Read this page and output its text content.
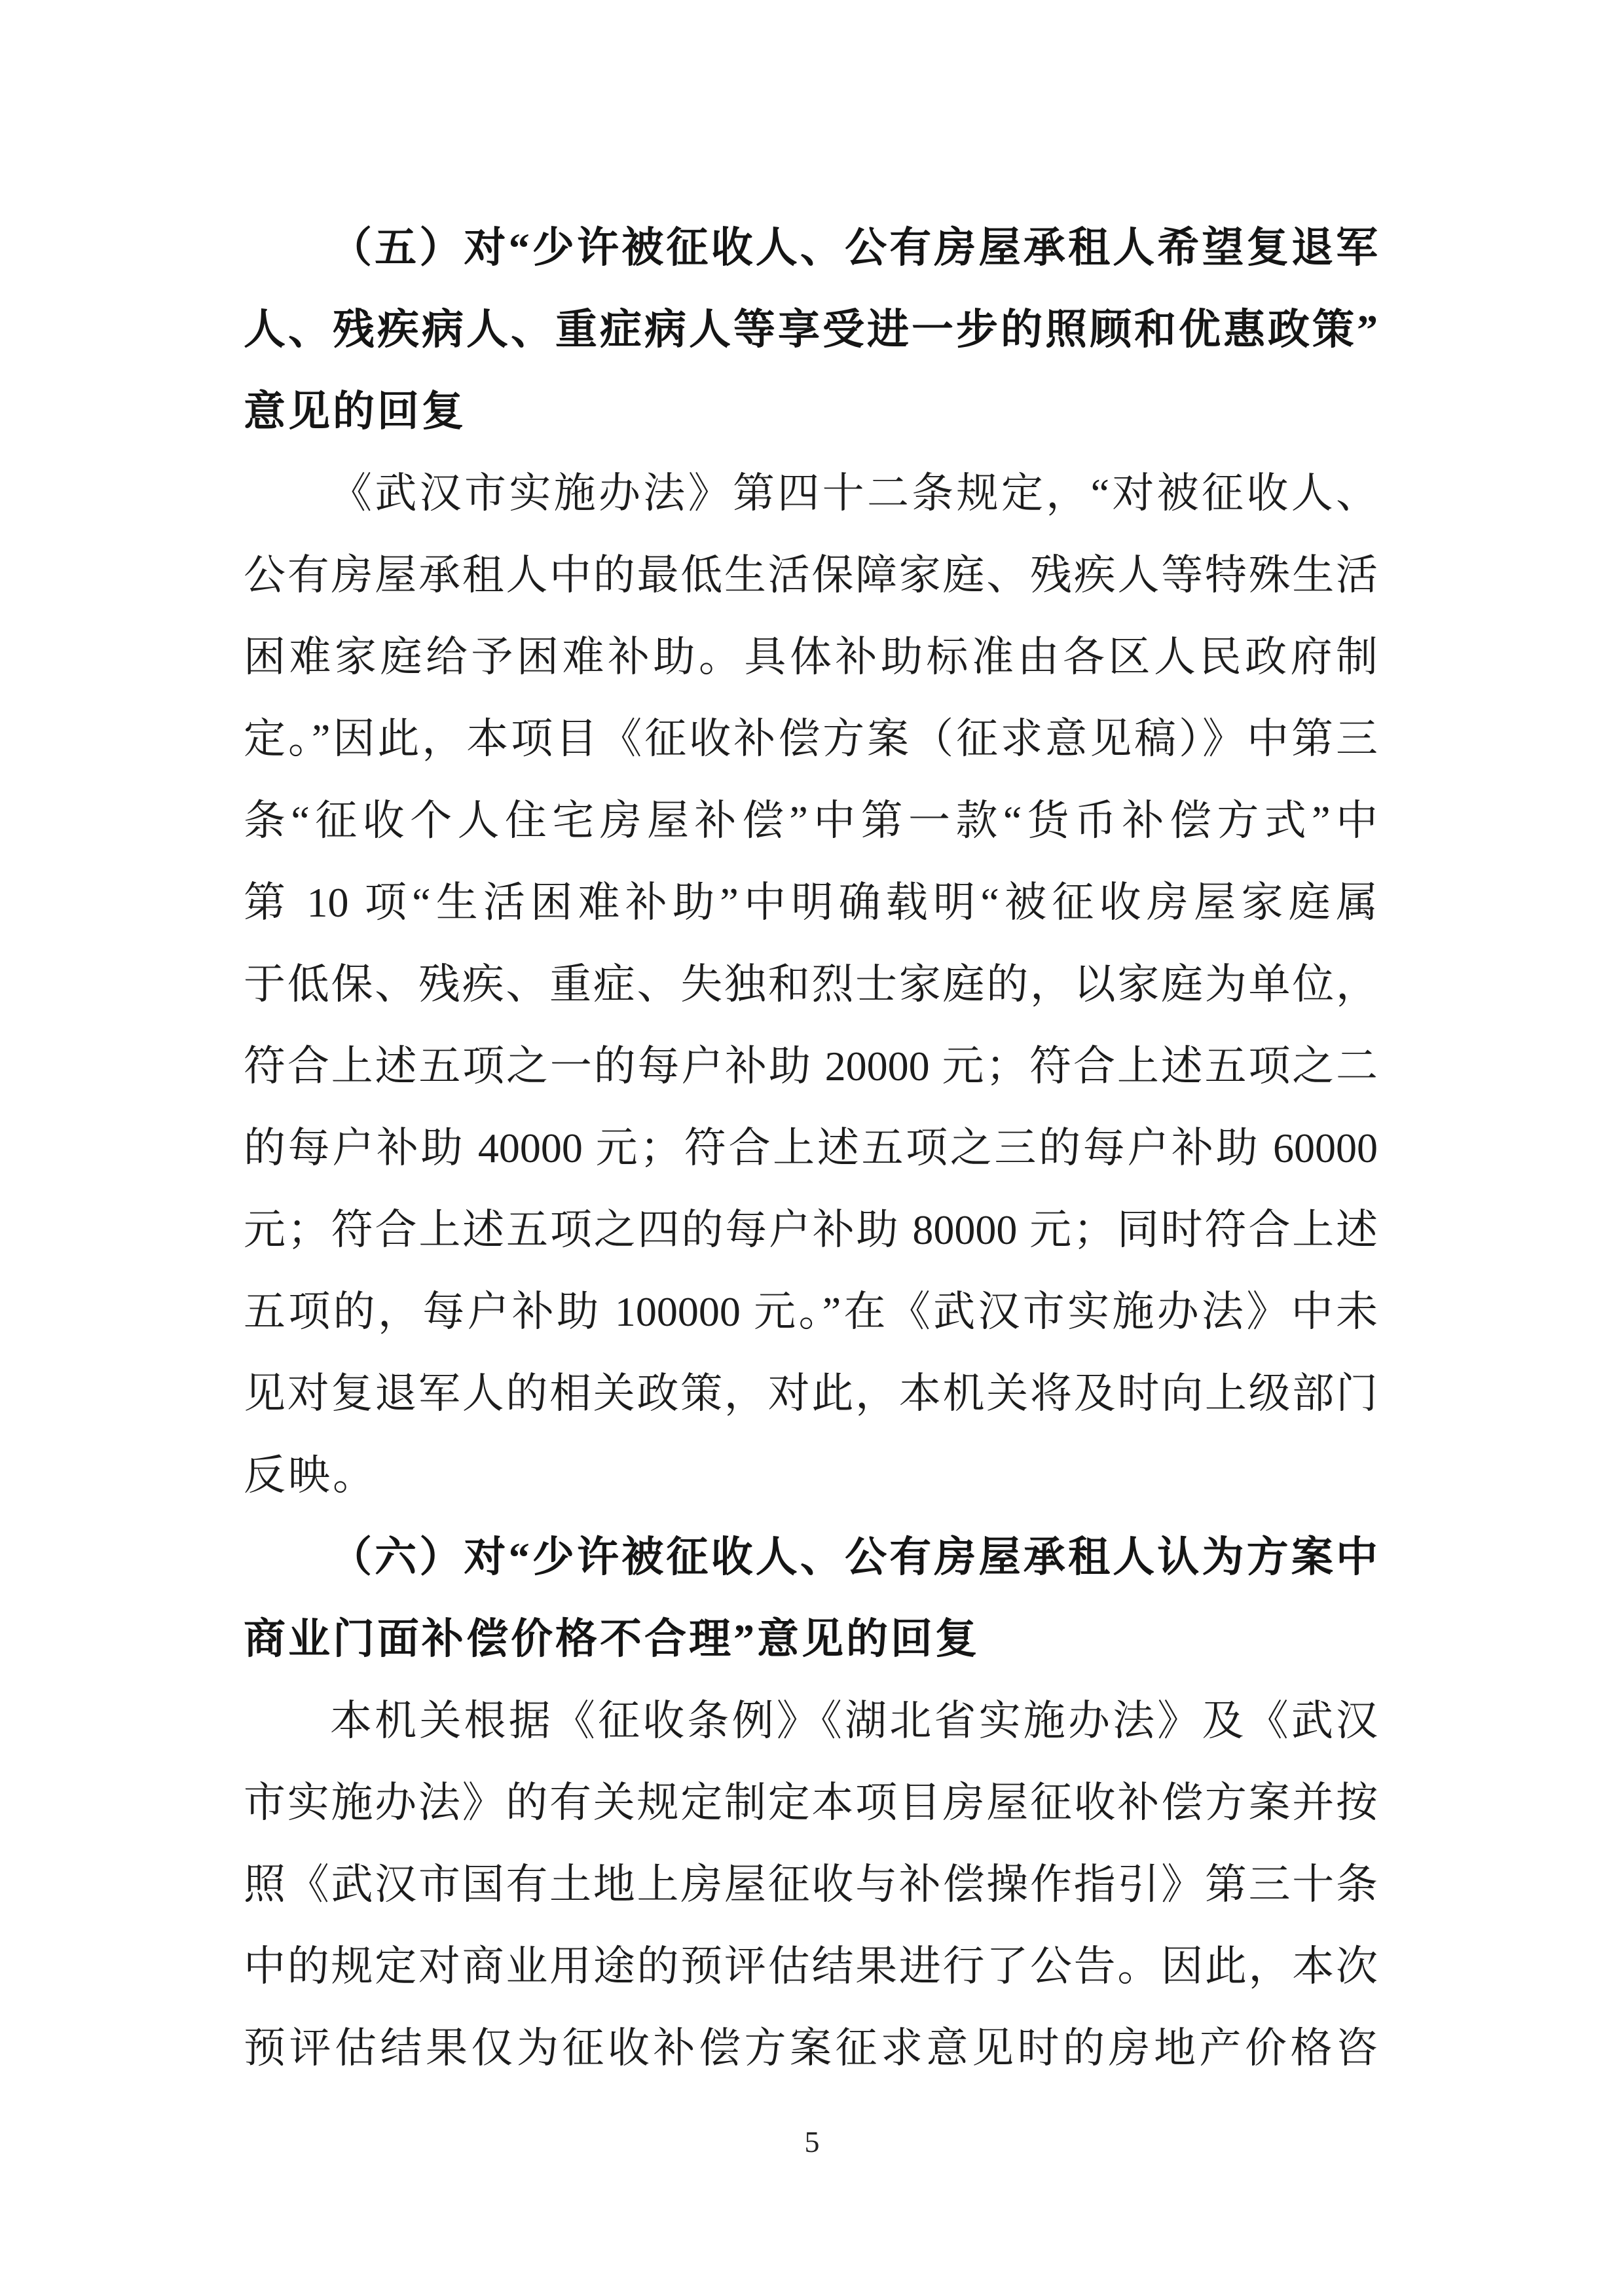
（五）对“少许被征收人、公有房屋承租人希望复退军
人、残疾病人、重症病人等享受进一步的照顾和优惠政策”
意见的回复
《武汉市实施办法》第四十二条规定，“对被征收人、
公有房屋承租人中的最低生活保障家庭、残疾人等特殊生活
困难家庭给予困难补助。具体补助标准由各区人民政府制
定。”因此，本项目《征收补偿方案（征求意见稿）》中第三
条“征收个人住宅房屋补偿”中第一款“货币补偿方式”中
第 10 项“生活困难补助”中明确载明“被征收房屋家庭属
于低保、残疾、重症、失独和烈士家庭的，以家庭为单位，
符合上述五项之一的每户补助 20000 元；符合上述五项之二
的每户补助 40000 元；符合上述五项之三的每户补助 60000
元；符合上述五项之四的每户补助 80000 元；同时符合上述
五项的，每户补助 100000 元。”在《武汉市实施办法》中未
见对复退军人的相关政策，对此，本机关将及时向上级部门
反映。
（六）对“少许被征收人、公有房屋承租人认为方案中
商业门面补偿价格不合理”意见的回复
本机关根据《征收条例》《湖北省实施办法》及《武汉
市实施办法》的有关规定制定本项目房屋征收补偿方案并按
照《武汉市国有土地上房屋征收与补偿操作指引》第三十条
中的规定对商业用途的预评估结果进行了公告。因此，本次
预评估结果仅为征收补偿方案征求意见时的房地产价格咨
5
